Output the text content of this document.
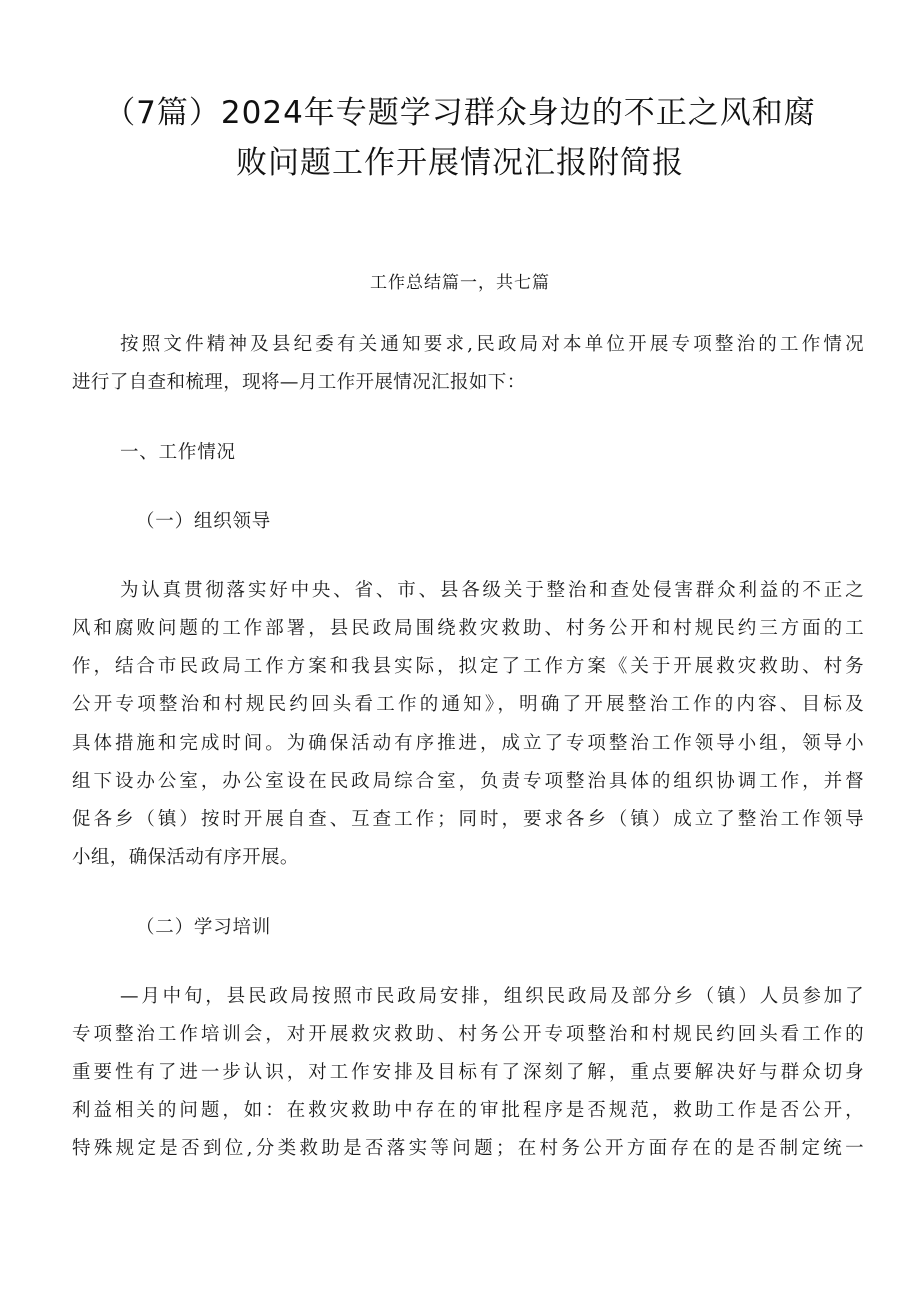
（7篇）2024年专题学习群众身边的不正之风和腐
败问题工作开展情况汇报附简报
工作总结篇一，共七篇

按照文件精神及县纪委有关通知要求,民政局对本单位开展专项整治的工作情况
进行了自查和梳理，现将—月工作开展情况汇报如下：

一、工作情况

（一）组织领导

为认真贯彻落实好中央、省、市、县各级关于整治和查处侵害群众利益的不正之
风和腐败问题的工作部署，县民政局围绕救灾救助、村务公开和村规民约三方面的工
作，结合市民政局工作方案和我县实际，拟定了工作方案《关于开展救灾救助、村务
公开专项整治和村规民约回头看工作的通知》，明确了开展整治工作的内容、目标及
具体措施和完成时间。为确保活动有序推进，成立了专项整治工作领导小组，领导小
组下设办公室，办公室设在民政局综合室，负责专项整治具体的组织协调工作，并督
促各乡（镇）按时开展自查、互查工作；同时，要求各乡（镇）成立了整治工作领导
小组，确保活动有序开展。

（二）学习培训

—月中旬，县民政局按照市民政局安排，组织民政局及部分乡（镇）人员参加了
专项整治工作培训会，对开展救灾救助、村务公开专项整治和村规民约回头看工作的
重要性有了进一步认识，对工作安排及目标有了深刻了解，重点要解决好与群众切身
利益相关的问题，如：在救灾救助中存在的审批程序是否规范，救助工作是否公开，
特殊规定是否到位,分类救助是否落实等问题；在村务公开方面存在的是否制定统一
